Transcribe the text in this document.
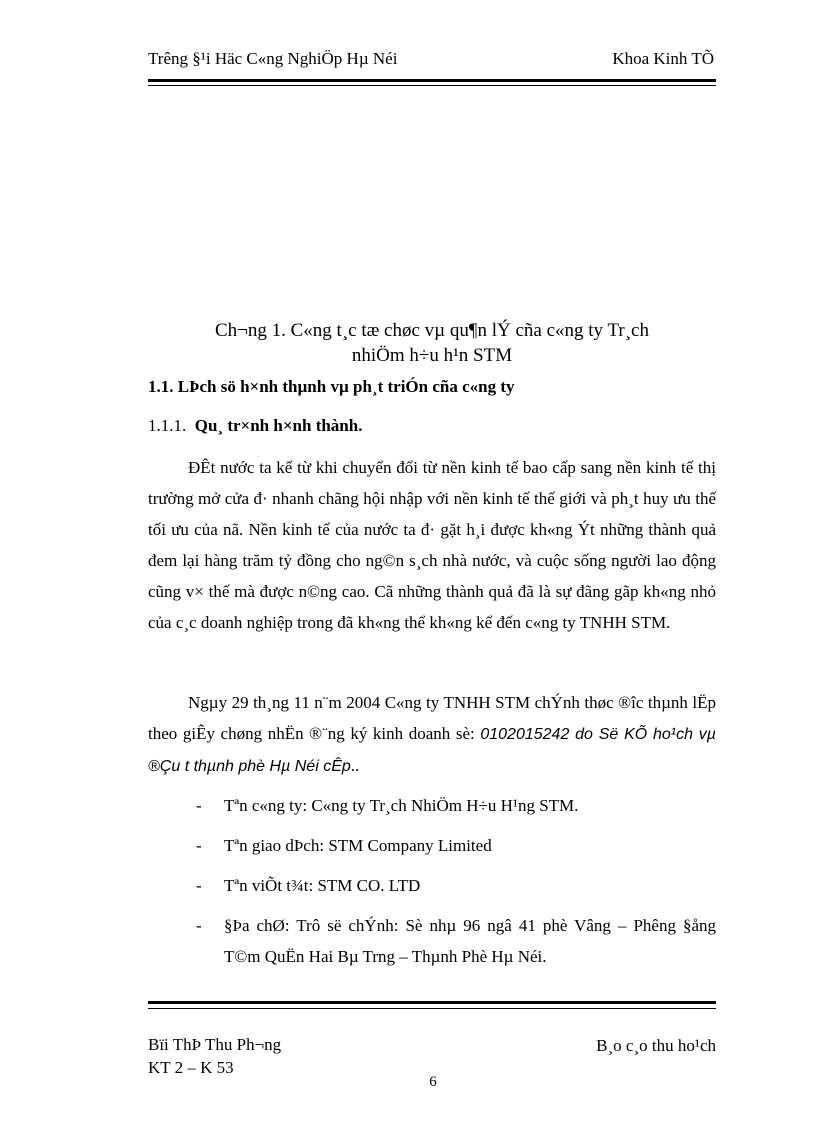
Trêng §¹i Häc C«ng NghiÖp Hµ Néi	Khoa Kinh TÕ
Ch¬ng 1. C«ng t¸c tæ chøc vµ qu¶n lÝ cña c«ng ty Tr¸ch
nhiÖm h÷u h¹n STM
1.1. LÞch sö h×nh thµnh vµ ph¸t triÓn cña c«ng ty
1.1.1. Qu¸ tr×nh h×nh thành.
ĐÊt nước ta kể từ khi chuyển đổi từ nền kinh tế bao cấp sang nền kinh tế thị trường mở cửa đ· nhanh chãng hội nhập với nền kinh tế thế giới và ph¸t huy ưu thế tối ưu của nã. Nền kinh tế của nước ta đ· gặt h¸i được kh«ng Ýt những thành quả đem lại hàng trăm tỷ đồng cho ng©n s¸ch nhà nước, và cuộc sống người lao động cũng v× thế mà được n©ng cao. Cã những thành quả đã là sự đãng gãp kh«ng nhỏ của c¸c doanh nghiệp trong đã kh«ng thể kh«ng kể đến c«ng ty TNHH STM.
Ngµy 29 th¸ng 11 n¨m 2004 C«ng ty TNHH STM chÝnh thøc ®îc thµnh lËp theo giÊy chøng nhËn ®¨ng ký kinh doanh sè: 0102015242 do Së KÕ ho¹ch vµ ®Çu t thµnh phè Hµ Néi cÊp..
- Tªn c«ng ty: C«ng ty Tr¸ch NhiÖm H÷u H¹ng STM.
- Tªn giao dÞch: STM Company Limited
- Tªn viÕt t¾t: STM CO. LTD
- §Þa chØ: Trô së chÝnh: Sè nhµ 96 ngâ 41 phè Vâng – Phêng §ång T©m QuËn Hai Bµ Trng – Thµnh Phè Hµ Néi.
Bïi ThÞ Thu Ph¬ng
KT 2 – K 53
B¸o c¸o thu ho¹ch
6
